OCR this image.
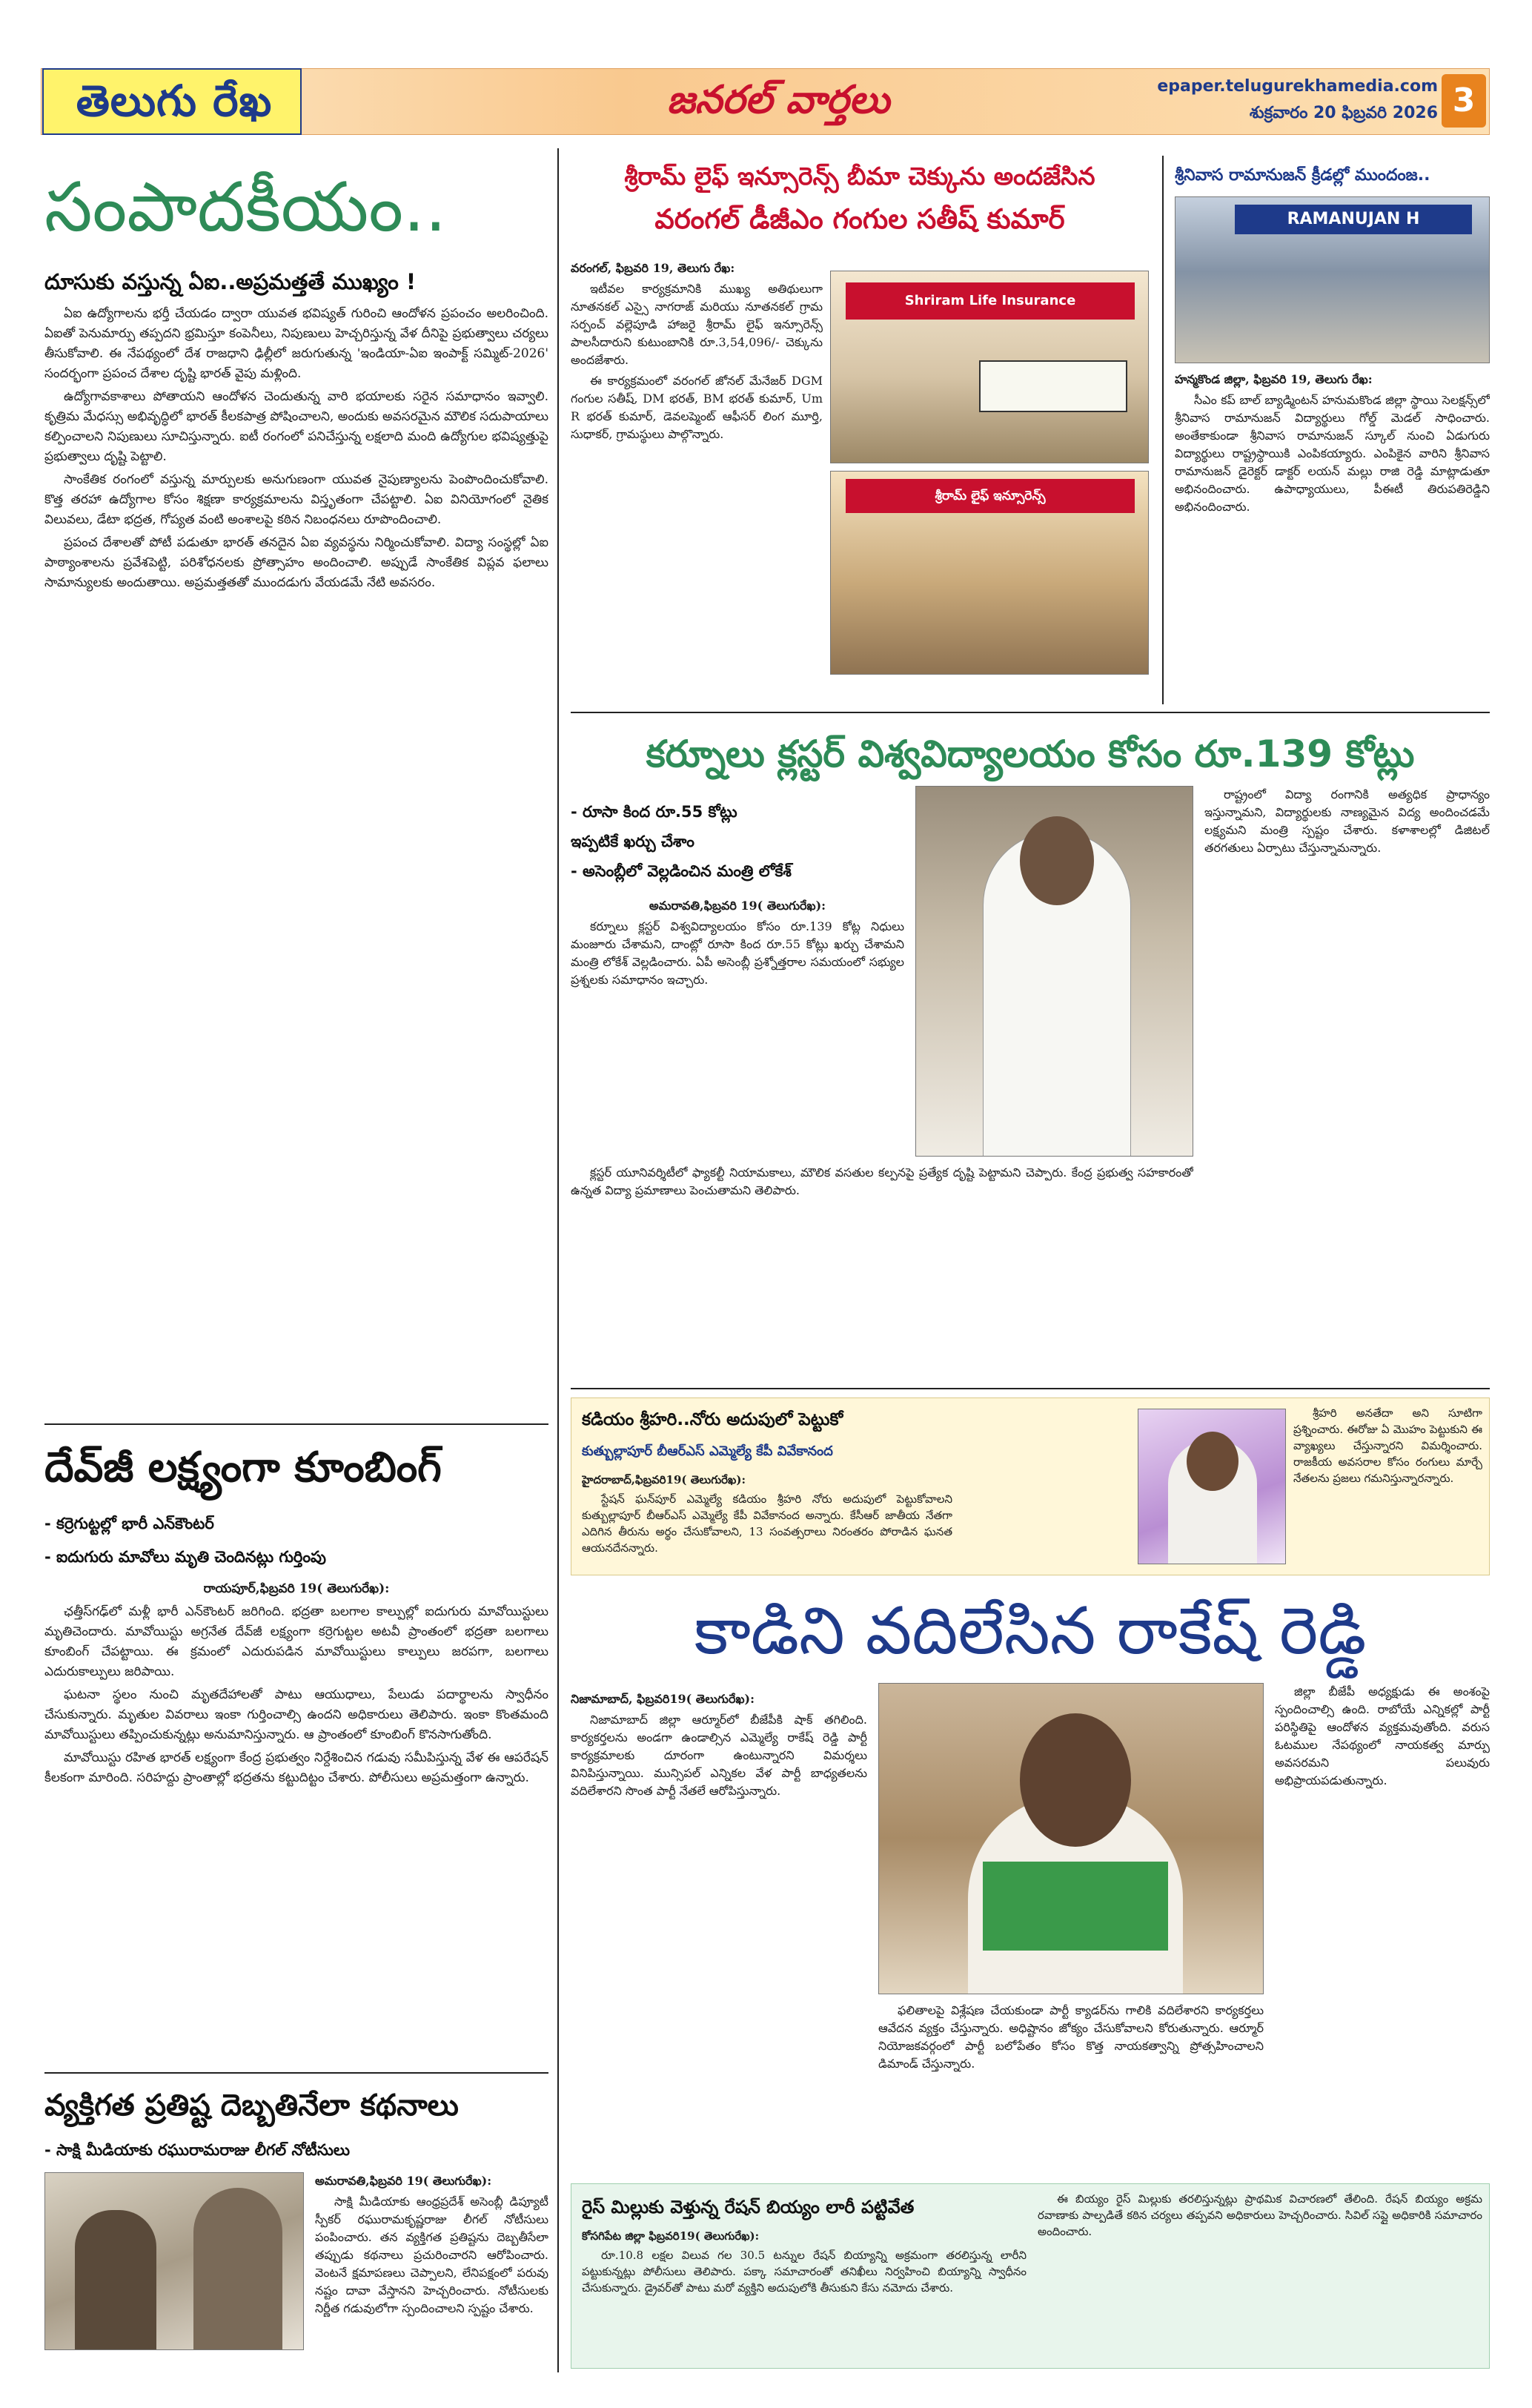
తెలుగు రేఖ	జనరల్ వార్తలు	epaper.telugurekhamedia.com
శుక్రవారం 20 ఫిబ్రవరి 2026 3
సంపాదకీయం..
దూసుకు వస్తున్న ఏఐ..అప్రమత్తతే ముఖ్యం !

ఏఐ ఉద్యోగాలను భర్తీ చేయడం ద్వారా యువత భవిష్యత్ గురించి ఆందోళన ప్రపంచం అలరించింది. ఏఐతో పెనుమార్పు తప్పదని భ్రమిస్తూ కంపెనీలు, నిపుణులు హెచ్చరిస్తున్న వేళ దీనిపై ప్రభుత్వాలు చర్యలు తీసుకోవాలి. ఈ నేపథ్యంలో దేశ రాజధాని ఢిల్లీలో జరుగుతున్న 'ఇండియా-ఏఐ ఇంపాక్ట్ సమ్మిట్-2026' సందర్భంగా ప్రపంచ దేశాల దృష్టి భారత్ వైపు మళ్లింది.

ఉద్యోగావకాశాలు పోతాయని ఆందోళన చెందుతున్న వారి భయాలకు సరైన సమాధానం ఇవ్వాలి. కృత్రిమ మేధస్సు అభివృద్ధిలో భారత్ కీలకపాత్ర పోషించాలని, అందుకు అవసరమైన మౌలిక సదుపాయాలు కల్పించాలని నిపుణులు సూచిస్తున్నారు. ఐటీ రంగంలో పనిచేస్తున్న లక్షలాది మంది ఉద్యోగుల భవిష్యత్తుపై ప్రభుత్వాలు దృష్టి పెట్టాలి.

సాంకేతిక రంగంలో వస్తున్న మార్పులకు అనుగుణంగా యువత నైపుణ్యాలను పెంపొందించుకోవాలి. కొత్త తరహా ఉద్యోగాల కోసం శిక్షణా కార్యక్రమాలను విస్తృతంగా చేపట్టాలి. ఏఐ వినియోగంలో నైతిక విలువలు, డేటా భద్రత, గోప్యత వంటి అంశాలపై కఠిన నిబంధనలు రూపొందించాలి.

ప్రపంచ దేశాలతో పోటీ పడుతూ భారత్ తనదైన ఏఐ వ్యవస్థను నిర్మించుకోవాలి. విద్యా సంస్థల్లో ఏఐ పాఠ్యాంశాలను ప్రవేశపెట్టి, పరిశోధనలకు ప్రోత్సాహం అందించాలి. అప్పుడే సాంకేతిక విప్లవ ఫలాలు సామాన్యులకు అందుతాయి. అప్రమత్తతతో ముందడుగు వేయడమే నేటి అవసరం.

దేవ్‌జీ లక్ష్యంగా కూంబింగ్
- కర్రెగుట్టల్లో భారీ ఎన్‌కౌంటర్
- ఐదుగురు మావోలు మృతి చెందినట్లు గుర్తింపు

రాయపూర్,ఫిబ్రవరి 19( తెలుగురేఖ):

ఛత్తీస్‌గఢ్‌లో మళ్లీ భారీ ఎన్‌కౌంటర్ జరిగింది. భద్రతా బలగాల కాల్పుల్లో ఐదుగురు మావోయిస్టులు మృతిచెందారు. మావోయిస్టు అగ్రనేత దేవ్‌జీ లక్ష్యంగా కర్రెగుట్టల అటవీ ప్రాంతంలో భద్రతా బలగాలు కూంబింగ్ చేపట్టాయి. ఈ క్రమంలో ఎదురుపడిన మావోయిస్టులు కాల్పులు జరపగా, బలగాలు ఎదురుకాల్పులు జరిపాయి.

ఘటనా స్థలం నుంచి మృతదేహాలతో పాటు ఆయుధాలు, పేలుడు పదార్థాలను స్వాధీనం చేసుకున్నారు. మృతుల వివరాలు ఇంకా గుర్తించాల్సి ఉందని అధికారులు తెలిపారు. ఇంకా కొంతమంది మావోయిస్టులు తప్పించుకున్నట్లు అనుమానిస్తున్నారు. ఆ ప్రాంతంలో కూంబింగ్ కొనసాగుతోంది.

మావోయిస్టు రహిత భారత్ లక్ష్యంగా కేంద్ర ప్రభుత్వం నిర్దేశించిన గడువు సమీపిస్తున్న వేళ ఈ ఆపరేషన్ కీలకంగా మారింది. సరిహద్దు ప్రాంతాల్లో భద్రతను కట్టుదిట్టం చేశారు. పోలీసులు అప్రమత్తంగా ఉన్నారు.

వ్యక్తిగత ప్రతిష్ట దెబ్బతినేలా కథనాలు
- సాక్షి మీడియాకు రఘురామరాజు లీగల్ నోటీసులు

అమరావతి,ఫిబ్రవరి 19( తెలుగురేఖ):

సాక్షి మీడియాకు ఆంధ్రప్రదేశ్ అసెంబ్లీ డిప్యూటీ స్పీకర్ రఘురామకృష్ణరాజు లీగల్ నోటీసులు పంపించారు. తన వ్యక్తిగత ప్రతిష్టను దెబ్బతీసేలా తప్పుడు కథనాలు ప్రచురించారని ఆరోపించారు. వెంటనే క్షమాపణలు చెప్పాలని, లేనిపక్షంలో పరువు నష్టం దావా వేస్తానని హెచ్చరించారు. నోటీసులకు నిర్ణీత గడువులోగా స్పందించాలని స్పష్టం చేశారు.

శ్రీరామ్ లైఫ్ ఇన్సూరెన్స్ బీమా చెక్కును అందజేసిన
వరంగల్ డీజీఎం గంగుల సతీష్ కుమార్

వరంగల్, ఫిబ్రవరి 19, తెలుగు రేఖ:

ఇటీవల కార్యక్రమానికి ముఖ్య అతిథులుగా నూతనకల్ ఎస్సై నాగరాజ్ మరియు నూతనకల్ గ్రామ సర్పంచ్ వల్లెపూడి హాజరై శ్రీరామ్ లైఫ్ ఇన్సూరెన్స్ పాలసీదారుని కుటుంబానికి రూ.3,54,096/- చెక్కును అందజేశారు.

ఈ కార్యక్రమంలో వరంగల్ జోనల్ మేనేజర్ DGM గంగుల సతీష్, DM భరత్, BM భరత్ కుమార్, Um R భరత్ కుమార్, డెవలప్మెంట్ ఆఫీసర్ లింగ మూర్తి, సుధాకర్, గ్రామస్థులు పాల్గొన్నారు.

Shriram Life Insurance
శ్రీరామ్ లైఫ్ ఇన్సూరెన్స్
శ్రీనివాస రామానుజన్ క్రీడల్లో ముందంజ..
RAMANUJAN H

హన్మకొండ జిల్లా, ఫిబ్రవరి 19, తెలుగు రేఖ:

సీఎం కప్ బాల్ బ్యాడ్మింటన్ హనుమకొండ జిల్లా స్థాయి సెలక్షన్స్‌లో శ్రీనివాస రామానుజన్ విద్యార్థులు గోల్డ్ మెడల్ సాధించారు. అంతేకాకుండా శ్రీనివాస రామానుజన్ స్కూల్ నుంచి ఏడుగురు విద్యార్థులు రాష్ట్రస్థాయికి ఎంపికయ్యారు. ఎంపికైన వారిని శ్రీనివాస రామానుజన్ డైరెక్టర్ డాక్టర్ లయన్ మల్లు రాజి రెడ్డి మాట్లాడుతూ అభినందించారు. ఉపాధ్యాయులు, పీఈటీ తిరుపతిరెడ్డిని అభినందించారు.

కర్నూలు క్లస్టర్ విశ్వవిద్యాలయం కోసం రూ.139 కోట్లు
- రూసా కింద రూ.55 కోట్లు
ఇప్పటికే ఖర్చు చేశాం
- అసెంబ్లీలో వెల్లడించిన మంత్రి లోకేశ్

అమరావతి,ఫిబ్రవరి 19( తెలుగురేఖ):

కర్నూలు క్లస్టర్ విశ్వవిద్యాలయం కోసం రూ.139 కోట్ల నిధులు మంజూరు చేశామని, దాంట్లో రూసా కింద రూ.55 కోట్లు ఖర్చు చేశామని మంత్రి లోకేశ్ వెల్లడించారు. ఏపీ అసెంబ్లీ ప్రశ్నోత్తరాల సమయంలో సభ్యుల ప్రశ్నలకు సమాధానం ఇచ్చారు.

రాష్ట్రంలో విద్యా రంగానికి అత్యధిక ప్రాధాన్యం ఇస్తున్నామని, విద్యార్థులకు నాణ్యమైన విద్య అందించడమే లక్ష్యమని మంత్రి స్పష్టం చేశారు. కళాశాలల్లో డిజిటల్ తరగతులు ఏర్పాటు చేస్తున్నామన్నారు.

క్లస్టర్ యూనివర్శిటీలో ఫ్యాకల్టీ నియామకాలు, మౌలిక వసతుల కల్పనపై ప్రత్యేక దృష్టి పెట్టామని చెప్పారు. కేంద్ర ప్రభుత్వ సహకారంతో ఉన్నత విద్యా ప్రమాణాలు పెంచుతామని తెలిపారు.

కడియం శ్రీహరి..నోరు అదుపులో పెట్టుకో
కుత్బుల్లాపూర్ బీఆర్ఎస్ ఎమ్మెల్యే కేపీ వివేకానంద

హైదరాబాద్,ఫిబ్రవరి19( తెలుగురేఖ):

స్టేషన్ ఘన్‌పూర్ ఎమ్మెల్యే కడియం శ్రీహరి నోరు అదుపులో పెట్టుకోవాలని కుత్బుల్లాపూర్ బీఆర్ఎస్ ఎమ్మెల్యే కేపీ వివేకానంద అన్నారు. కేసీఆర్ జాతీయ నేతగా ఎదిగిన తీరును అర్థం చేసుకోవాలని, 13 సంవత్సరాలు నిరంతరం పోరాడిన ఘనత ఆయనదేనన్నారు.

శ్రీహరి అనతేదా అని సూటిగా ప్రశ్నించారు. ఈరోజు ఏ మొహం పెట్టుకుని ఈ వ్యాఖ్యలు చేస్తున్నారని విమర్శించారు. రాజకీయ అవసరాల కోసం రంగులు మార్చే నేతలను ప్రజలు గమనిస్తున్నారన్నారు.

కాడిని వదిలేసిన రాకేష్ రెడ్డి

నిజామాబాద్, ఫిబ్రవరి19( తెలుగురేఖ):

నిజామాబాద్ జిల్లా ఆర్మూర్‌లో బీజేపీకి షాక్ తగిలింది. కార్యకర్తలను అండగా ఉండాల్సిన ఎమ్మెల్యే రాకేష్ రెడ్డి పార్టీ కార్యక్రమాలకు దూరంగా ఉంటున్నారని విమర్శలు వినిపిస్తున్నాయి. మున్సిపల్ ఎన్నికల వేళ పార్టీ బాధ్యతలను వదిలేశారని సొంత పార్టీ నేతలే ఆరోపిస్తున్నారు.

జిల్లా బీజేపీ అధ్యక్షుడు ఈ అంశంపై స్పందించాల్సి ఉంది. రాబోయే ఎన్నికల్లో పార్టీ పరిస్థితిపై ఆందోళన వ్యక్తమవుతోంది. వరుస ఓటముల నేపథ్యంలో నాయకత్వ మార్పు అవసరమని పలువురు అభిప్రాయపడుతున్నారు.

ఫలితాలపై విశ్లేషణ చేయకుండా పార్టీ క్యాడర్‌ను గాలికి వదిలేశారని కార్యకర్తలు ఆవేదన వ్యక్తం చేస్తున్నారు. అధిష్టానం జోక్యం చేసుకోవాలని కోరుతున్నారు. ఆర్మూర్ నియోజకవర్గంలో పార్టీ బలోపేతం కోసం కొత్త నాయకత్వాన్ని ప్రోత్సహించాలని డిమాండ్ చేస్తున్నారు.

రైస్ మిల్లుకు వెళ్తున్న రేషన్ బియ్యం లారీ పట్టివేత

కోసగిపేట జిల్లా ఫిబ్రవరి19( తెలుగురేఖ):

రూ.10.8 లక్షల విలువ గల 30.5 టన్నుల రేషన్ బియ్యాన్ని అక్రమంగా తరలిస్తున్న లారీని పట్టుకున్నట్లు పోలీసులు తెలిపారు. పక్కా సమాచారంతో తనిఖీలు నిర్వహించి బియ్యాన్ని స్వాధీనం చేసుకున్నారు. డ్రైవర్‌తో పాటు మరో వ్యక్తిని అదుపులోకి తీసుకుని కేసు నమోదు చేశారు.

ఈ బియ్యం రైస్ మిల్లుకు తరలిస్తున్నట్లు ప్రాథమిక విచారణలో తేలింది. రేషన్ బియ్యం అక్రమ రవాణాకు పాల్పడితే కఠిన చర్యలు తప్పవని అధికారులు హెచ్చరించారు. సివిల్ సప్లై అధికారికి సమాచారం అందించారు.
